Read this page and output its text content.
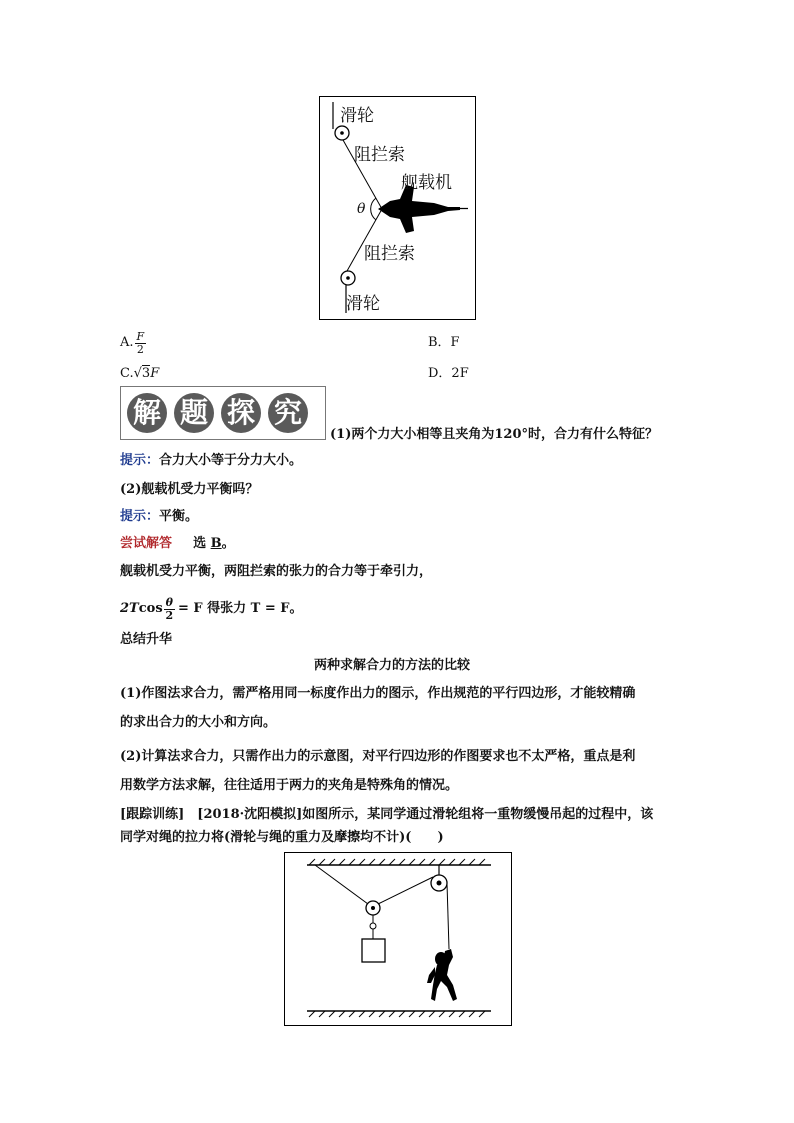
滑轮
阻拦索
舰载机
θ
阻拦索
滑轮
A. $\frac{F}{2}$	B．F
C.√3F	D．2F
解 题 探 究
(1)两个力大小相等且夹角为120°时，合力有什么特征？
提示：合力大小等于分力大小。
(2)舰载机受力平衡吗？
提示：平衡。
尝试解答 选 B。
舰载机受力平衡，两阻拦索的张力的合力等于牵引力，
2T $\cos \frac{\theta}{2} = F$ 得张力 T = F。
总结升华
两种求解合力的方法的比较
(1)作图法求合力，需严格用同一标度作出力的图示，作出规范的平行四边形，才能较精确
的求出合力的大小和方向。
(2)计算法求合力，只需作出力的示意图，对平行四边形的作图要求也不太严格，重点是利
用数学方法求解，往往适用于两力的夹角是特殊角的情况。
[跟踪训练]　[2018·沈阳模拟]如图所示，某同学通过滑轮组将一重物缓慢吊起的过程中，该
同学对绳的拉力将(滑轮与绳的重力及摩擦均不计)(　　)
